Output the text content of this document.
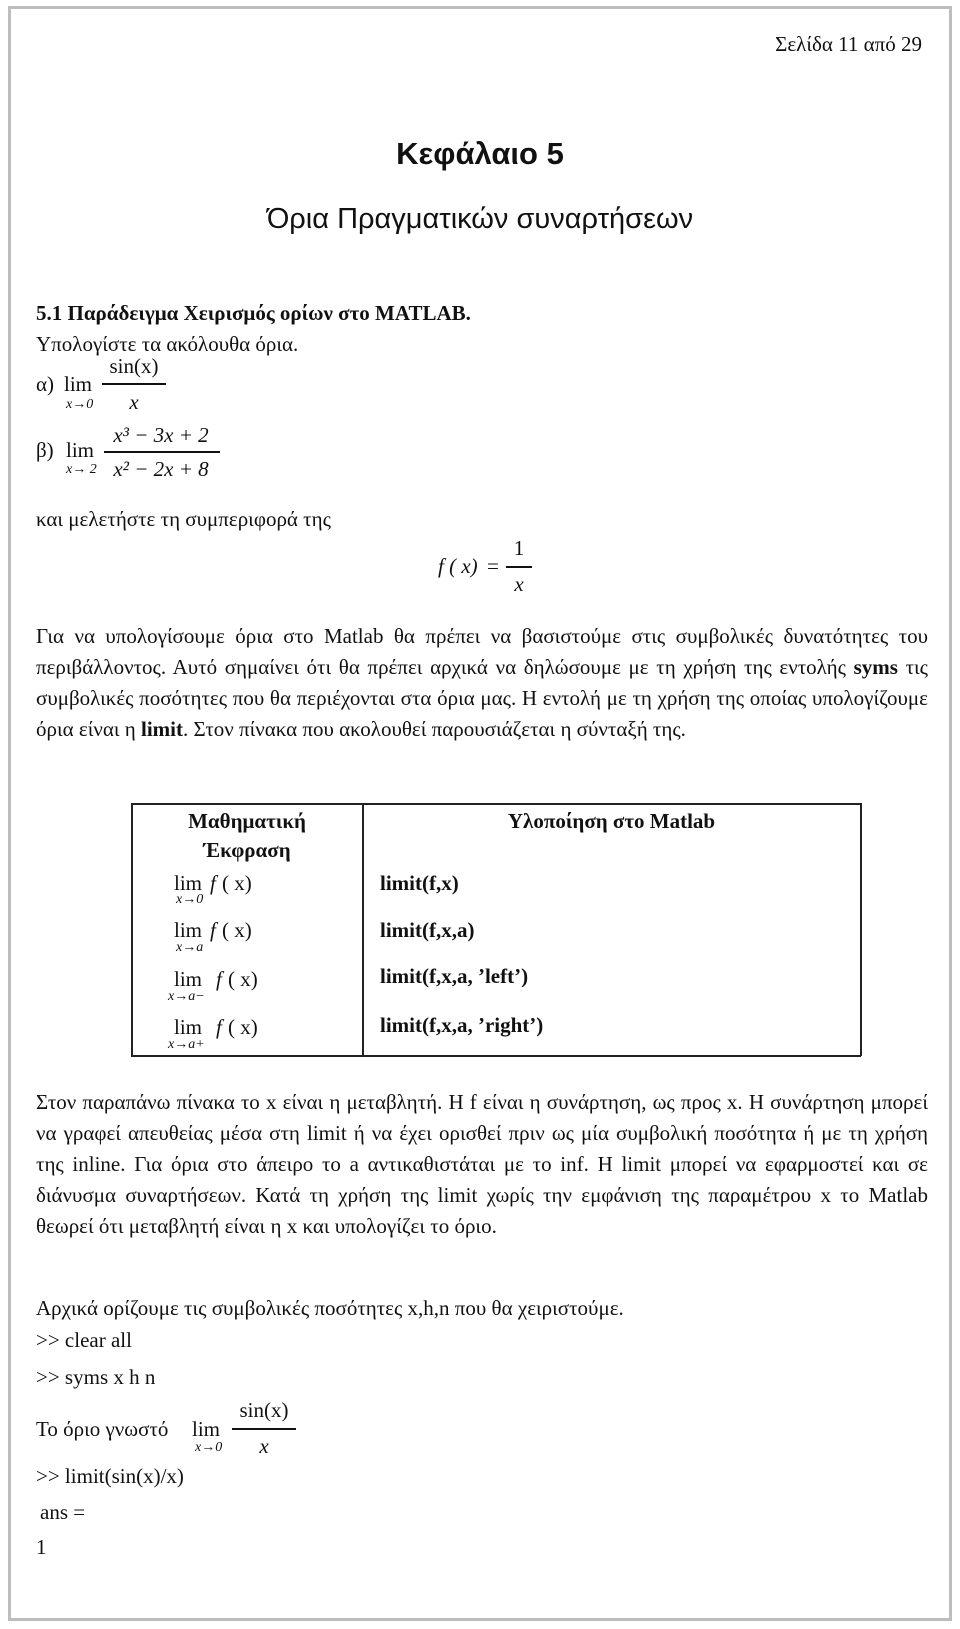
Σελίδα 11 από 29
Κεφάλαιο 5
Όρια Πραγματικών συναρτήσεων
5.1 Παράδειγμα Χειρισμός ορίων στο MATLAB.
Υπολογίστε τα ακόλουθα όρια.
α) lim
x→0
sin(x)
x
β) lim
x→ 2
x³ − 3x + 2
x² − 2x + 8
και μελετήστε τη συμπεριφορά της
f ( x) =
1
x
Για να υπολογίσουμε όρια στο Matlab θα πρέπει να βασιστούμε στις συμβολικές δυνατότητες του περιβάλλοντος. Αυτό σημαίνει ότι θα πρέπει αρχικά να δηλώσουμε με τη χρήση της εντολής syms τις συμβολικές ποσότητες που θα περιέχονται στα όρια μας. Η εντολή με τη χρήση της οποίας υπολογίζουμε όρια είναι η limit. Στον πίνακα που ακολουθεί παρουσιάζεται η σύνταξή της.
Μαθηματική
Έκφραση
Υλοποίηση στο Matlab
lim f ( x)
x→0
limit(f,x)
lim f ( x)
x→a
limit(f,x,a)
lim f ( x)
x→a−
limit(f,x,a, ’left’)
lim f ( x)
x→a+
limit(f,x,a, ’right’)
Στον παραπάνω πίνακα το x είναι η μεταβλητή. Η f είναι η συνάρτηση, ως προς x. Η συνάρτηση μπορεί να γραφεί απευθείας μέσα στη limit ή να έχει ορισθεί πριν ως μία συμβολική ποσότητα ή με τη χρήση της inline. Για όρια στο άπειρο το a αντικαθιστάται με το inf. Η limit μπορεί να εφαρμοστεί και σε διάνυσμα συναρτήσεων. Κατά τη χρήση της limit χωρίς την εμφάνιση της παραμέτρου x το Matlab θεωρεί ότι μεταβλητή είναι η x και υπολογίζει το όριο.
Αρχικά ορίζουμε τις συμβολικές ποσότητες x,h,n που θα χειριστούμε.
>> clear all
>> syms x h n
Το όριο γνωστό lim
x→0
sin(x)
x
>> limit(sin(x)/x)
ans =
1
